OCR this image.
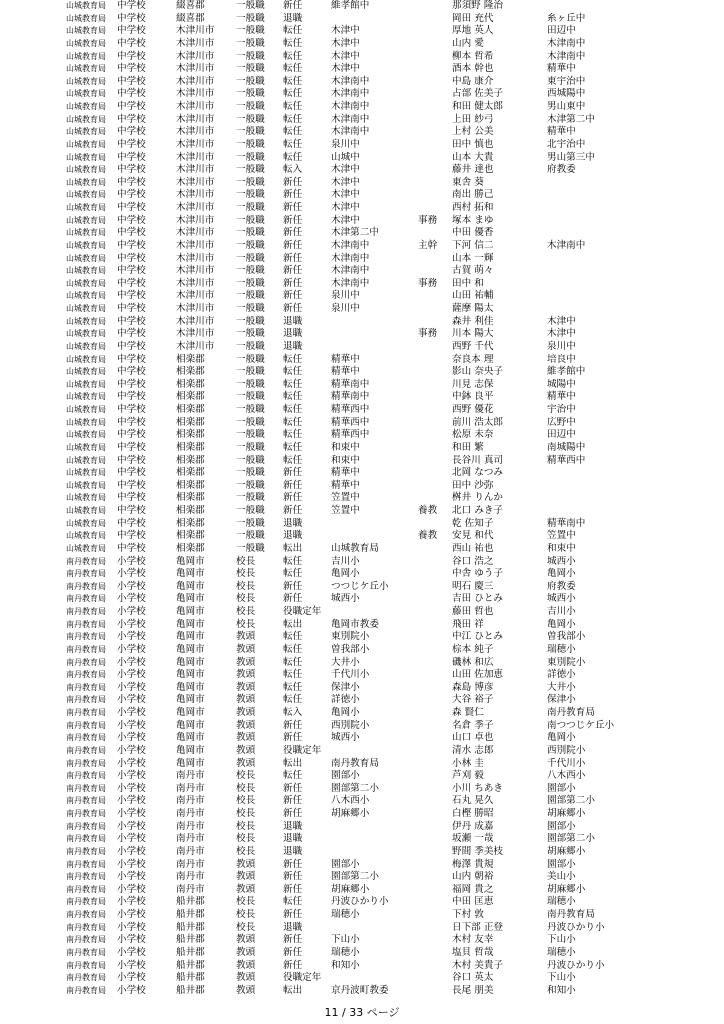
山城教育局 中学校	綴喜郡	一般職 新任	維孝館中	那須野 隆治
山城教育局 中学校	綴喜郡	一般職 退職	岡田 充代	糸ヶ丘中
山城教育局 中学校	木津川市 一般職 転任	木津中	厚地 英人	田辺中
山城教育局 中学校	木津川市 一般職 転任	木津中	山内 愛	木津南中
山城教育局 中学校	木津川市 一般職 転任	木津中	柳本 哲希	木津南中
山城教育局 中学校	木津川市 一般職 転任	木津中	酒本 幹也	精華中
山城教育局 中学校	木津川市 一般職 転任	木津南中	中島 康介	東宇治中
山城教育局 中学校	木津川市 一般職 転任	木津南中	占部 佐美子	西城陽中
山城教育局 中学校	木津川市 一般職 転任	木津南中	和田 健太郎	男山東中
山城教育局 中学校	木津川市 一般職 転任	木津南中	上田 紗弓	木津第二中
山城教育局 中学校	木津川市 一般職 転任	木津南中	上村 公美	精華中
山城教育局 中学校	木津川市 一般職 転任	泉川中	田中 慎也	北宇治中
山城教育局 中学校	木津川市 一般職 転任	山城中	山本 大貴	男山第三中
山城教育局 中学校	木津川市 一般職 転入	木津中	藤井 達也	府教委
山城教育局 中学校	木津川市 一般職 新任	木津中	東舎 葵
山城教育局 中学校	木津川市 一般職 新任	木津中	南出 勝己
山城教育局 中学校	木津川市 一般職 新任	木津中	西村 拓和
山城教育局 中学校	木津川市 一般職 新任	木津中	事務 塚本 まゆ
山城教育局 中学校	木津川市 一般職 新任	木津第二中	中田 優香
山城教育局 中学校	木津川市 一般職 新任	木津南中	主幹 下河 信二	木津南中
山城教育局 中学校	木津川市 一般職 新任	木津南中	山本 一輝
山城教育局 中学校	木津川市 一般職 新任	木津南中	古賀 萌々
山城教育局 中学校	木津川市 一般職 新任	木津南中	事務 田中 和
山城教育局 中学校	木津川市 一般職 新任	泉川中	山田 祐輔
山城教育局 中学校	木津川市 一般職 新任	泉川中	薩摩 陽太
山城教育局 中学校	木津川市 一般職 退職	森井 利佳	木津中
山城教育局 中学校	木津川市 一般職 退職	事務 川本 陽大	木津中
山城教育局 中学校	木津川市 一般職 退職	西野 千代	泉川中
山城教育局 中学校	相楽郡	一般職 転任	精華中	奈良本 理	培良中
山城教育局 中学校	相楽郡	一般職 転任	精華中	影山 奈央子	維孝館中
山城教育局 中学校	相楽郡	一般職 転任	精華南中	川見 志保	城陽中
山城教育局 中学校	相楽郡	一般職 転任	精華南中	中鉢 良平	精華中
山城教育局 中学校	相楽郡	一般職 転任	精華西中	西野 優花	宇治中
山城教育局 中学校	相楽郡	一般職 転任	精華西中	前川 浩太郎	広野中
山城教育局 中学校	相楽郡	一般職 転任	精華西中	松原 未奈	田辺中
山城教育局 中学校	相楽郡	一般職 転任	和束中	和田 繁	南城陽中
山城教育局 中学校	相楽郡	一般職 転任	和束中	長谷川 真司	精華西中
山城教育局 中学校	相楽郡	一般職 新任	精華中	北岡 なつみ
山城教育局 中学校	相楽郡	一般職 新任	精華中	田中 沙弥
山城教育局 中学校	相楽郡	一般職 新任	笠置中	桝井 りんか
山城教育局 中学校	相楽郡	一般職 新任	笠置中	養教 北口 みき子
山城教育局 中学校	相楽郡	一般職 退職	乾 佐知子	精華南中
山城教育局 中学校	相楽郡	一般職 退職	養教 安見 和代	笠置中
山城教育局 中学校	相楽郡	一般職 転出	山城教育局	西山 祐也	和束中
南丹教育局 小学校	亀岡市	校長	転任	吉川小	谷口 浩之	城西小
南丹教育局 小学校	亀岡市	校長	転任	亀岡小	中舎 ゆう子	亀岡小
南丹教育局 小学校	亀岡市	校長	新任	つつじケ丘小	明石 慶三	府教委
南丹教育局 小学校	亀岡市	校長	新任	城西小	吉田 ひとみ	城西小
南丹教育局 小学校	亀岡市	校長	役職定年	藤田 哲也	吉川小
南丹教育局 小学校	亀岡市	校長	転出	亀岡市教委	飛田 祥	亀岡小
南丹教育局 小学校	亀岡市	教頭	転任	東別院小	中江 ひとみ	曽我部小
南丹教育局 小学校	亀岡市	教頭	転任	曽我部小	棕本 純子	瑞穂小
南丹教育局 小学校	亀岡市	教頭	転任	大井小	磯林 和広	東別院小
南丹教育局 小学校	亀岡市	教頭	転任	千代川小	山田 佐加恵	詳徳小
南丹教育局 小学校	亀岡市	教頭	転任	保津小	森島 博彦	大井小
南丹教育局 小学校	亀岡市	教頭	転任	詳徳小	大谷 裕子	保津小
南丹教育局 小学校	亀岡市	教頭	転入	亀岡小	森 賢仁	南丹教育局
南丹教育局 小学校	亀岡市	教頭	新任	西別院小	名倉 季子	南つつじケ丘小
南丹教育局 小学校	亀岡市	教頭	新任	城西小	山口 卓也	亀岡小
南丹教育局 小学校	亀岡市	教頭	役職定年	清水 志郎	西別院小
南丹教育局 小学校	亀岡市	教頭	転出	南丹教育局	小林 圭	千代川小
南丹教育局 小学校	南丹市	校長	転任	園部小	芦刈 毅	八木西小
南丹教育局 小学校	南丹市	校長	新任	園部第二小	小川 ちあき	園部小
南丹教育局 小学校	南丹市	校長	新任	八木西小	石丸 晃久	園部第二小
南丹教育局 小学校	南丹市	校長	新任	胡麻郷小	白樫 勝昭	胡麻郷小
南丹教育局 小学校	南丹市	校長	退職	伊丹 成嘉	園部小
南丹教育局 小学校	南丹市	校長	退職	坂瀬 一哉	園部第二小
南丹教育局 小学校	南丹市	校長	退職	野間 季美枝	胡麻郷小
南丹教育局 小学校	南丹市	教頭	新任	園部小	梅澤 貴規	園部小
南丹教育局 小学校	南丹市	教頭	新任	園部第二小	山内 朝裕	美山小
南丹教育局 小学校	南丹市	教頭	新任	胡麻郷小	福岡 貴之	胡麻郷小
南丹教育局 小学校	船井郡	校長	転任	丹波ひかり小	中田 匡恵	瑞穂小
南丹教育局 小学校	船井郡	校長	新任	瑞穂小	下村 敦	南丹教育局
南丹教育局 小学校	船井郡	校長	退職	日下部 正登	丹波ひかり小
南丹教育局 小学校	船井郡	教頭	新任	下山小	木村 友幸	下山小
南丹教育局 小学校	船井郡	教頭	新任	瑞穂小	塩貝 哲哉	瑞穂小
南丹教育局 小学校	船井郡	教頭	新任	和知小	木村 美貴子	丹波ひかり小
南丹教育局 小学校	船井郡	教頭	役職定年	谷口 英太	下山小
南丹教育局 小学校	船井郡	教頭	転出	京丹波町教委	長尾 朋美	和知小
11 / 33 ページ
